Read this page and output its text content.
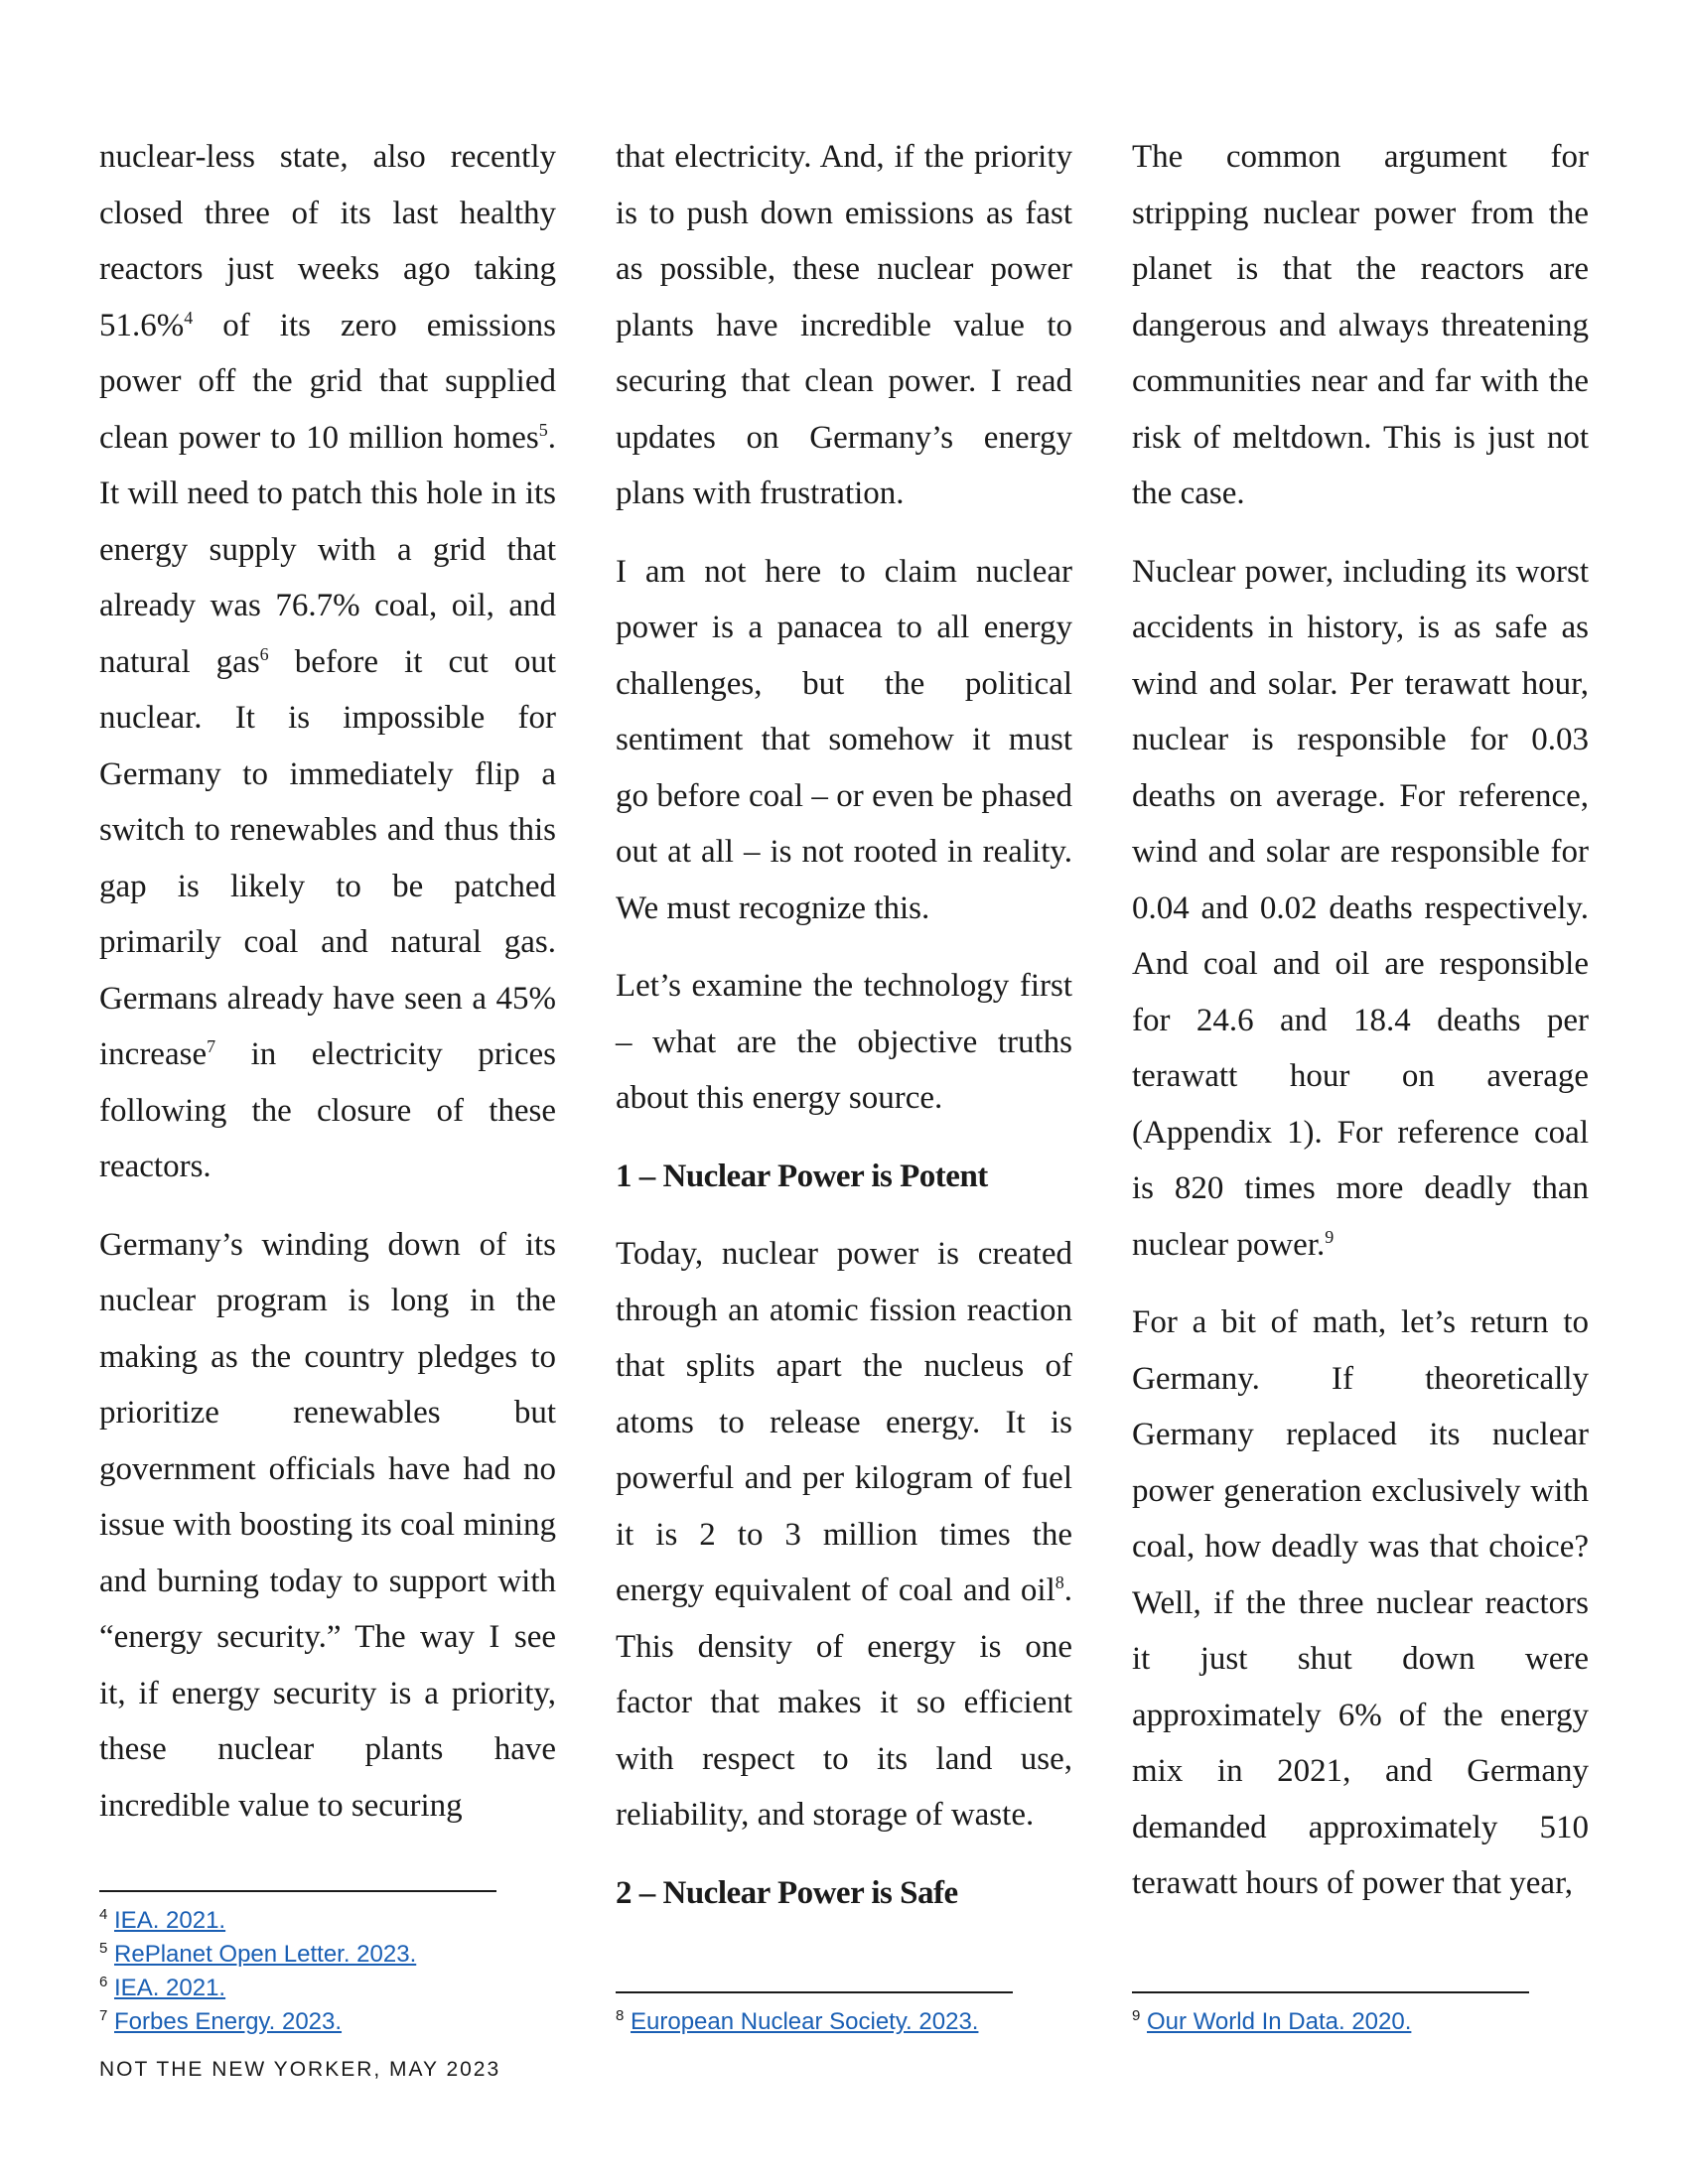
nuclear-less state, also recently closed three of its last healthy reactors just weeks ago taking 51.6%$^4$ of its zero emissions power off the grid that supplied clean power to 10 million homes$^5$. It will need to patch this hole in its energy supply with a grid that already was 76.7% coal, oil, and natural gas$^6$ before it cut out nuclear. It is impossible for Germany to immediately flip a switch to renewables and thus this gap is likely to be patched primarily coal and natural gas. Germans already have seen a 45% increase$^7$ in electricity prices following the closure of these reactors.

Germany’s winding down of its nuclear program is long in the making as the country pledges to prioritize renewables but government officials have had no issue with boosting its coal mining and burning today to support with “energy security.” The way I see it, if energy security is a priority, these nuclear plants have incredible value to securing

that electricity. And, if the priority is to push down emissions as fast as possible, these nuclear power plants have incredible value to securing that clean power. I read updates on Germany’s energy plans with frustration.

I am not here to claim nuclear power is a panacea to all energy challenges, but the political sentiment that somehow it must go before coal – or even be phased out at all – is not rooted in reality. We must recognize this.

Let’s examine the technology first – what are the objective truths about this energy source.

1 – Nuclear Power is Potent

Today, nuclear power is created through an atomic fission reaction that splits apart the nucleus of atoms to release energy. It is powerful and per kilogram of fuel it is 2 to 3 million times the energy equivalent of coal and oil$^8$. This density of energy is one factor that makes it so efficient with respect to its land use, reliability, and storage of waste.

2 – Nuclear Power is Safe

The common argument for stripping nuclear power from the planet is that the reactors are dangerous and always threatening communities near and far with the risk of meltdown. This is just not the case.

Nuclear power, including its worst accidents in history, is as safe as wind and solar. Per terawatt hour, nuclear is responsible for 0.03 deaths on average. For reference, wind and solar are responsible for 0.04 and 0.02 deaths respectively. And coal and oil are responsible for 24.6 and 18.4 deaths per terawatt hour on average (Appendix 1). For reference coal is 820 times more deadly than nuclear power.$^9$

For a bit of math, let’s return to Germany. If theoretically Germany replaced its nuclear power generation exclusively with coal, how deadly was that choice? Well, if the three nuclear reactors it just shut down were approximately 6% of the energy mix in 2021, and Germany demanded approximately 510 terawatt hours of power that year,

$^4$ IEA. 2021.
$^5$ RePlanet Open Letter. 2023.
$^6$ IEA. 2021.
$^7$ Forbes Energy. 2023.	$^8$ European Nuclear Society. 2023.	$^9$ Our World In Data. 2020.
NOT THE NEW YORKER, MAY 2023
